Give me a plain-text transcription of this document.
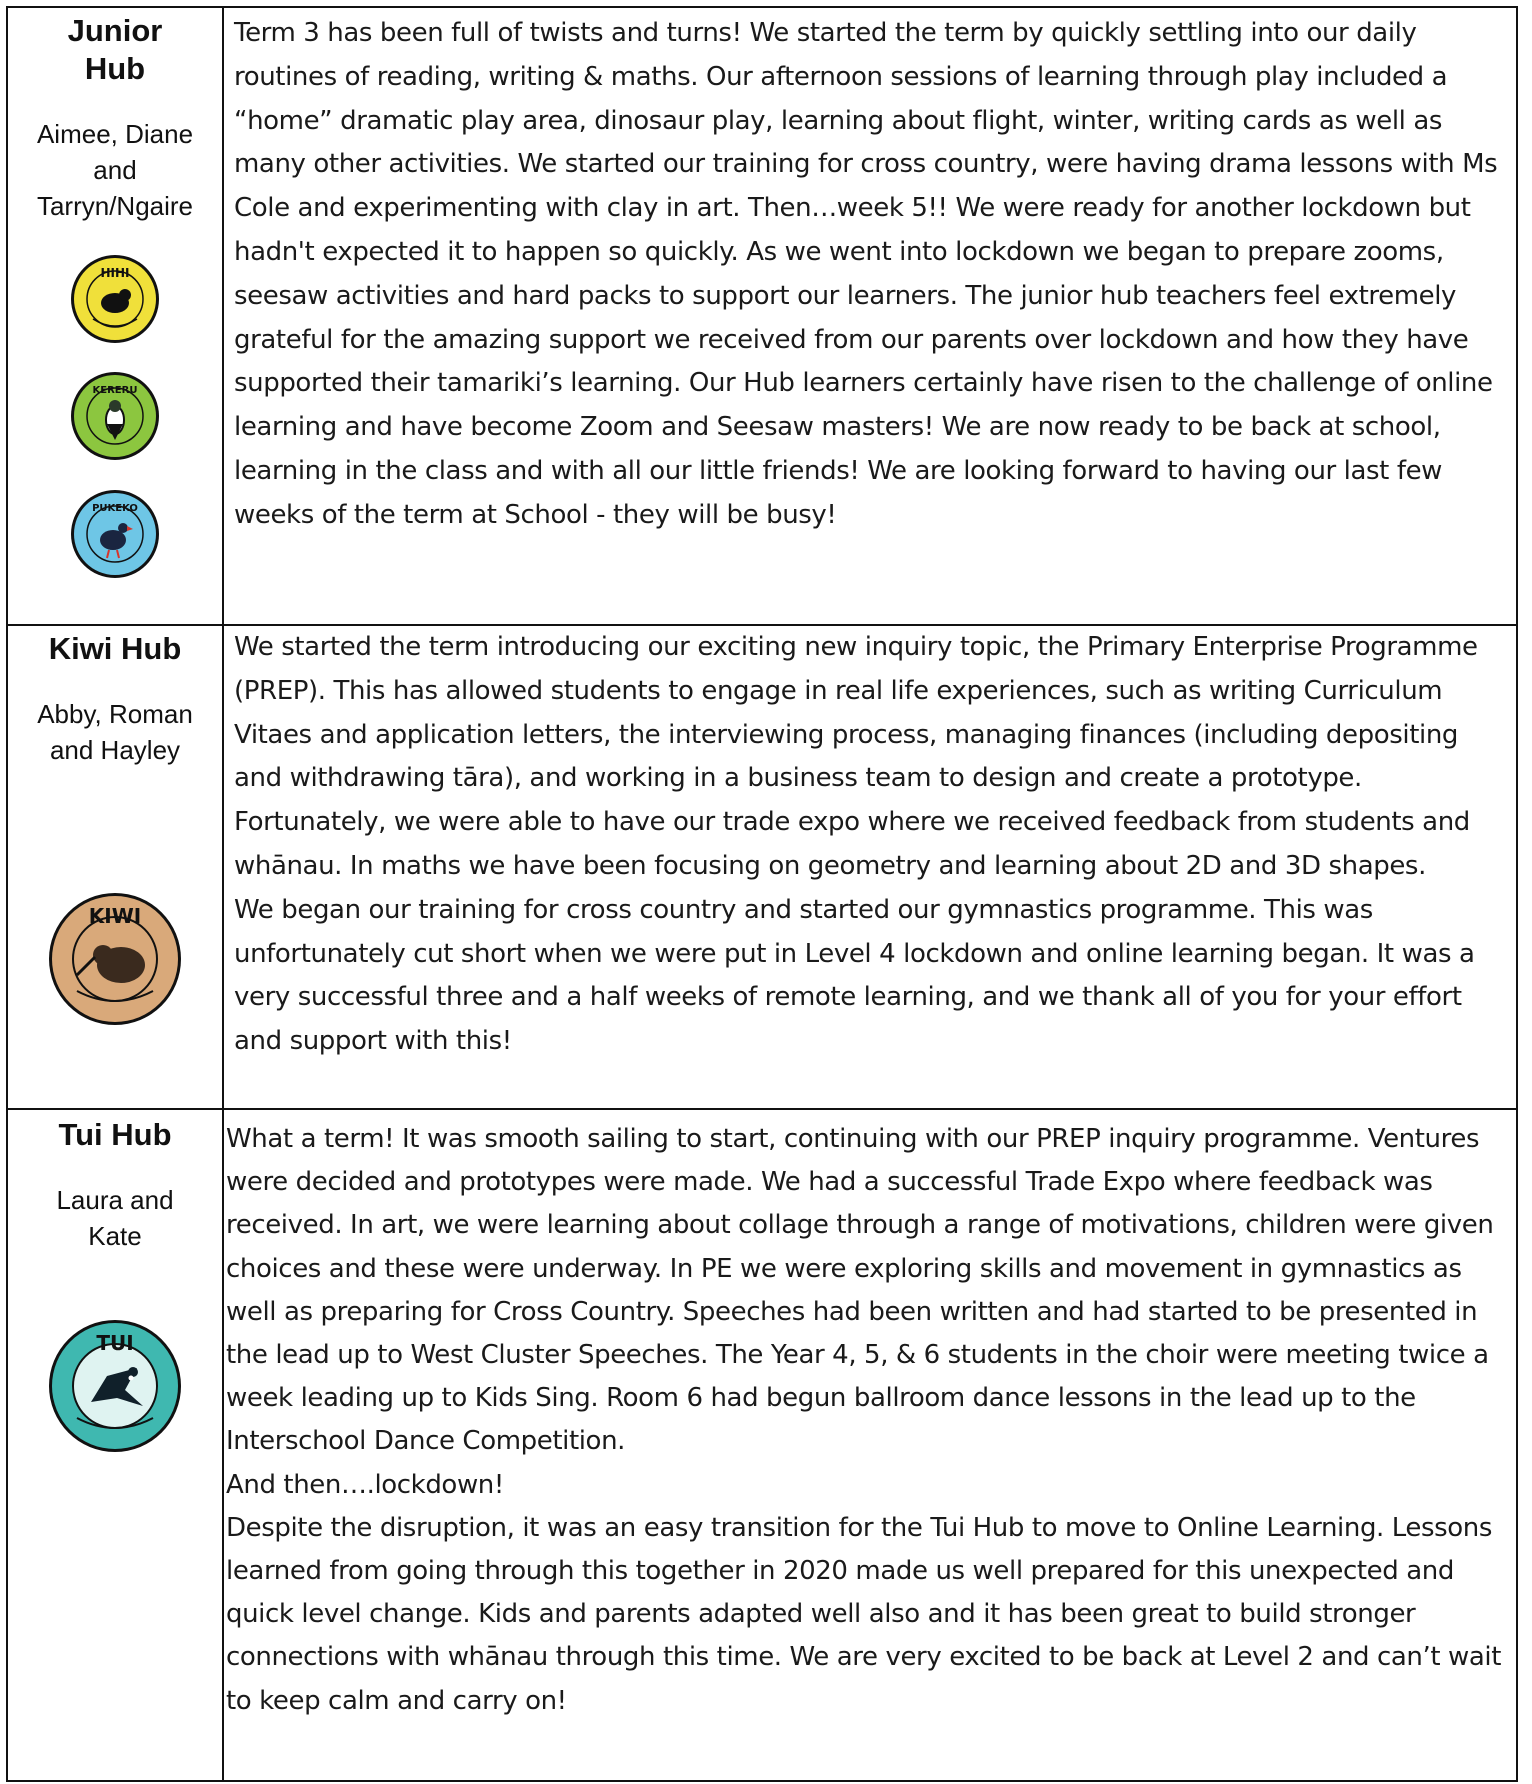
Junior Hub
Aimee, Diane and Tarryn/Ngaire
HIHI
KERERU
PUKEKO

Term 3 has been full of twists and turns! We started the term by quickly settling into our daily routines of reading, writing & maths. Our afternoon sessions of learning through play included a “home” dramatic play area, dinosaur play, learning about flight, winter, writing cards as well as many other activities. We started our training for cross country, were having drama lessons with Ms Cole and experimenting with clay in art. Then…week 5!! We were ready for another lockdown but hadn't expected it to happen so quickly. As we went into lockdown we began to prepare zooms, seesaw activities and hard packs to support our learners. The junior hub teachers feel extremely grateful for the amazing support we received from our parents over lockdown and how they have supported their tamariki’s learning. Our Hub learners certainly have risen to the challenge of online learning and have become Zoom and Seesaw masters! We are now ready to be back at school, learning in the class and with all our little friends! We are looking forward to having our last few weeks of the term at School - they will be busy!

Kiwi Hub
Abby, Roman and Hayley
KIWI

We started the term introducing our exciting new inquiry topic, the Primary Enterprise Programme (PREP). This has allowed students to engage in real life experiences, such as writing Curriculum Vitaes and application letters, the interviewing process, managing finances (including depositing and withdrawing tāra), and working in a business team to design and create a prototype. Fortunately, we were able to have our trade expo where we received feedback from students and whānau. In maths we have been focusing on geometry and learning about 2D and 3D shapes.

We began our training for cross country and started our gymnastics programme. This was unfortunately cut short when we were put in Level 4 lockdown and online learning began. It was a very successful three and a half weeks of remote learning, and we thank all of you for your effort and support with this!

Tui Hub
Laura and Kate
TUI

What a term! It was smooth sailing to start, continuing with our PREP inquiry programme. Ventures were decided and prototypes were made. We had a successful Trade Expo where feedback was received. In art, we were learning about collage through a range of motivations, children were given choices and these were underway. In PE we were exploring skills and movement in gymnastics as well as preparing for Cross Country. Speeches had been written and had started to be presented in the lead up to West Cluster Speeches. The Year 4, 5, & 6 students in the choir were meeting twice a week leading up to Kids Sing. Room 6 had begun ballroom dance lessons in the lead up to the Interschool Dance Competition.

And then….lockdown!

Despite the disruption, it was an easy transition for the Tui Hub to move to Online Learning. Lessons learned from going through this together in 2020 made us well prepared for this unexpected and quick level change. Kids and parents adapted well also and it has been great to build stronger connections with whānau through this time. We are very excited to be back at Level 2 and can’t wait to keep calm and carry on!
